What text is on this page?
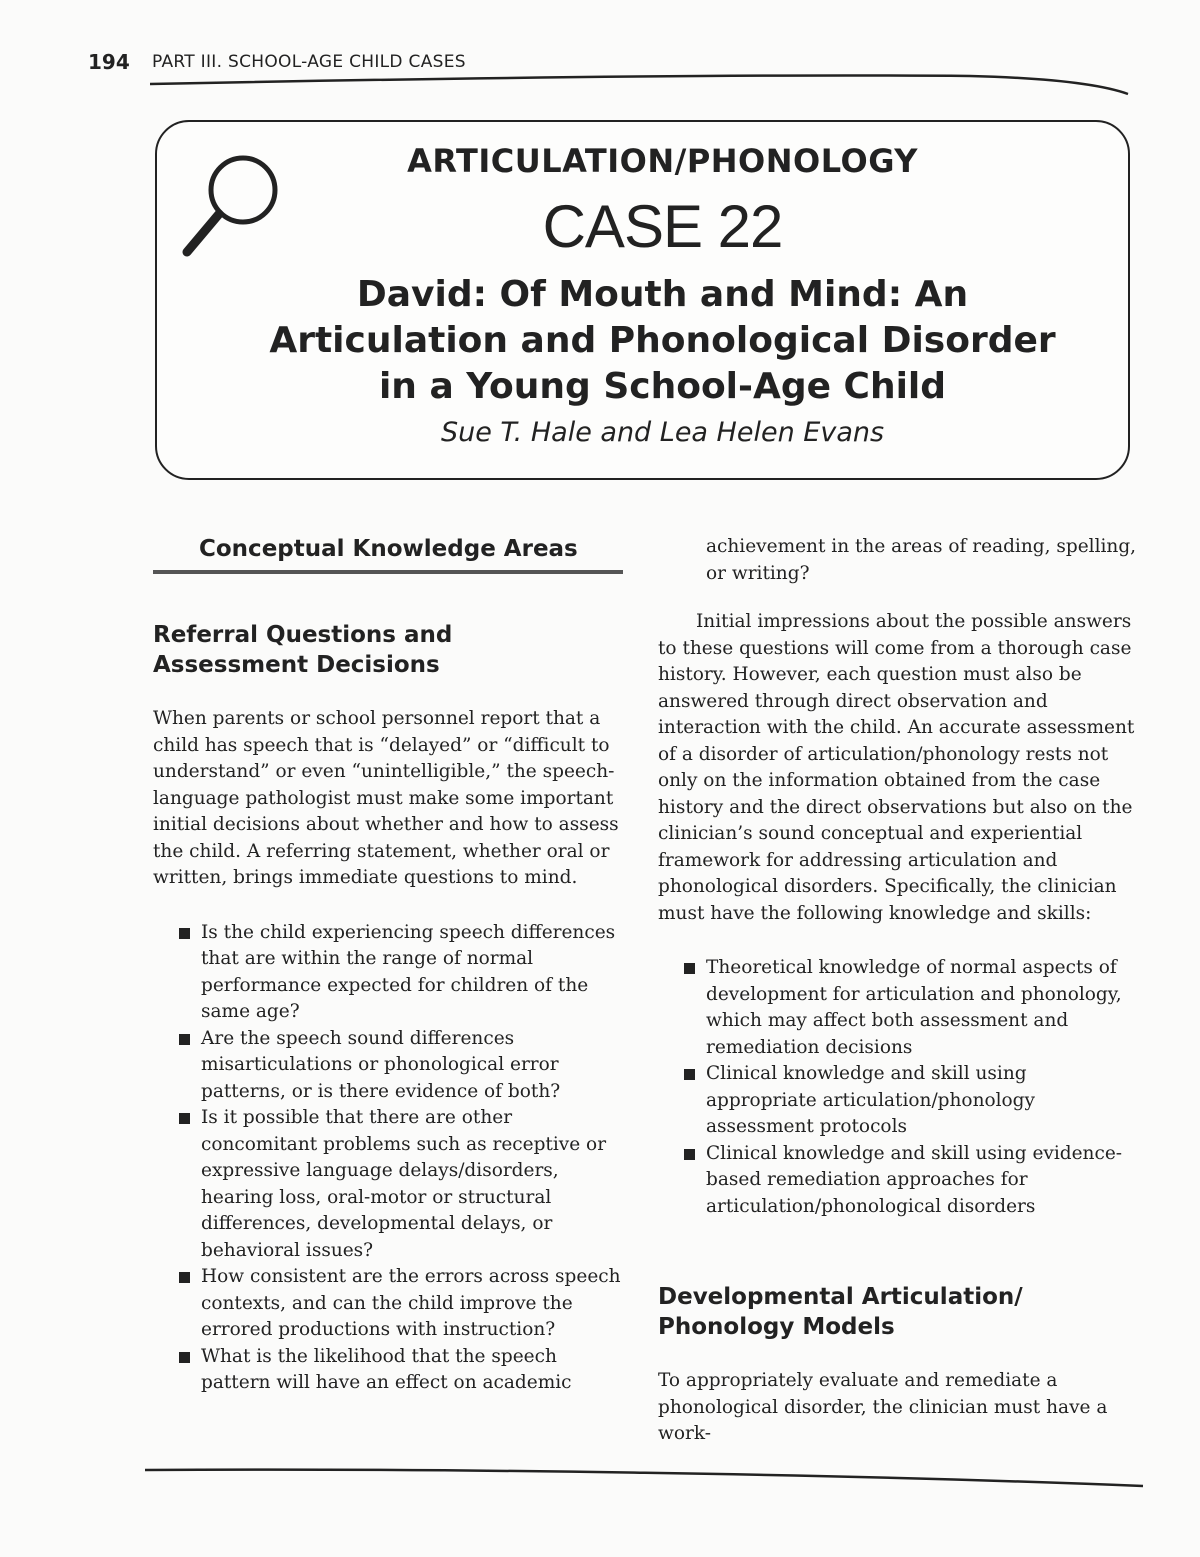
194 PART III. SCHOOL-AGE CHILD CASES
ARTICULATION/PHONOLOGY
CASE 22
David: Of Mouth and Mind: An
Articulation and Phonological Disorder
in a Young School-Age Child
Sue T. Hale and Lea Helen Evans
Conceptual Knowledge Areas
Referral Questions and
Assessment Decisions

When parents or school personnel report that a child has speech that is “delayed” or “difficult to understand” or even “unintelligible,” the speech-language pathologist must make some important initial decisions about whether and how to assess the child. A referring statement, whether oral or written, brings immediate questions to mind.

Is the child experiencing speech differences that are within the range of normal performance expected for children of the same age?
Are the speech sound differences misarticulations or phonological error patterns, or is there evidence of both?
Is it possible that there are other concomitant problems such as receptive or expressive language delays/disorders, hearing loss, oral-motor or structural differences, developmental delays, or behavioral issues?
How consistent are the errors across speech contexts, and can the child improve the errored productions with instruction?
What is the likelihood that the speech pattern will have an effect on academic
achievement in the areas of reading, spelling, or writing?

Initial impressions about the possible answers to these questions will come from a thorough case history. However, each question must also be answered through direct observation and interaction with the child. An accurate assessment of a disorder of articulation/phonology rests not only on the information obtained from the case history and the direct observations but also on the clinician’s sound conceptual and experiential framework for addressing articulation and phonological disorders. Specifically, the clinician must have the following knowledge and skills:

Theoretical knowledge of normal aspects of development for articulation and phonology, which may affect both assessment and remediation decisions
Clinical knowledge and skill using appropriate articulation/phonology assessment protocols
Clinical knowledge and skill using evidence-based remediation approaches for articulation/phonological disorders
Developmental Articulation/
Phonology Models

To appropriately evaluate and remediate a phonological disorder, the clinician must have a work-
